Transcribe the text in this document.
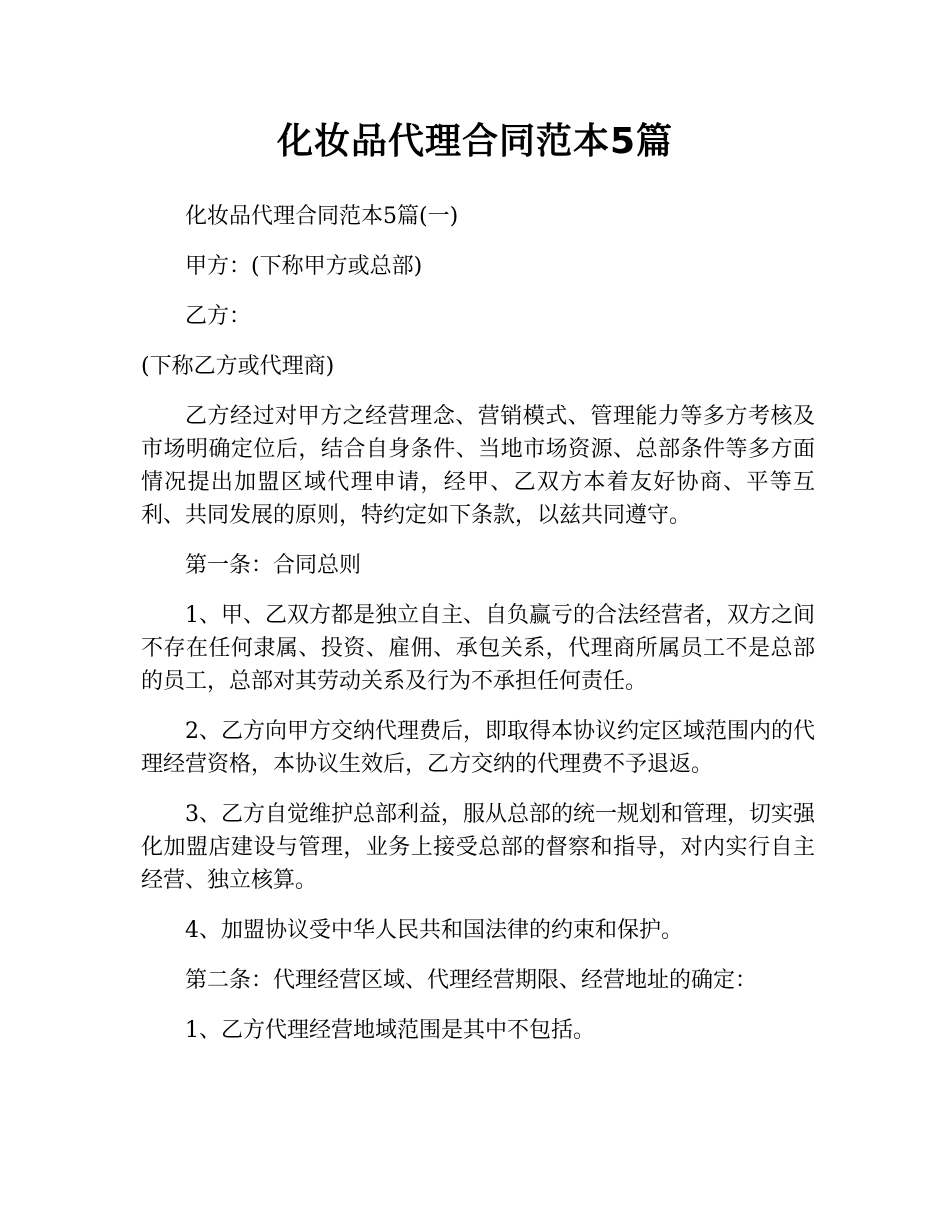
化妆品代理合同范本5篇

化妆品代理合同范本5篇(一)

甲方：(下称甲方或总部)

乙方：

(下称乙方或代理商)

乙方经过对甲方之经营理念、营销模式、管理能力等多方考核及市场明确定位后，结合自身条件、当地市场资源、总部条件等多方面情况提出加盟区域代理申请，经甲、乙双方本着友好协商、平等互利、共同发展的原则，特约定如下条款，以兹共同遵守。

第一条：合同总则

1、甲、乙双方都是独立自主、自负赢亏的合法经营者，双方之间不存在任何隶属、投资、雇佣、承包关系，代理商所属员工不是总部的员工，总部对其劳动关系及行为不承担任何责任。

2、乙方向甲方交纳代理费后，即取得本协议约定区域范围内的代理经营资格，本协议生效后，乙方交纳的代理费不予退返。

3、乙方自觉维护总部利益，服从总部的统一规划和管理，切实强化加盟店建设与管理，业务上接受总部的督察和指导，对内实行自主经营、独立核算。

4、加盟协议受中华人民共和国法律的约束和保护。

第二条：代理经营区域、代理经营期限、经营地址的确定：

1、乙方代理经营地域范围是其中不包括。
